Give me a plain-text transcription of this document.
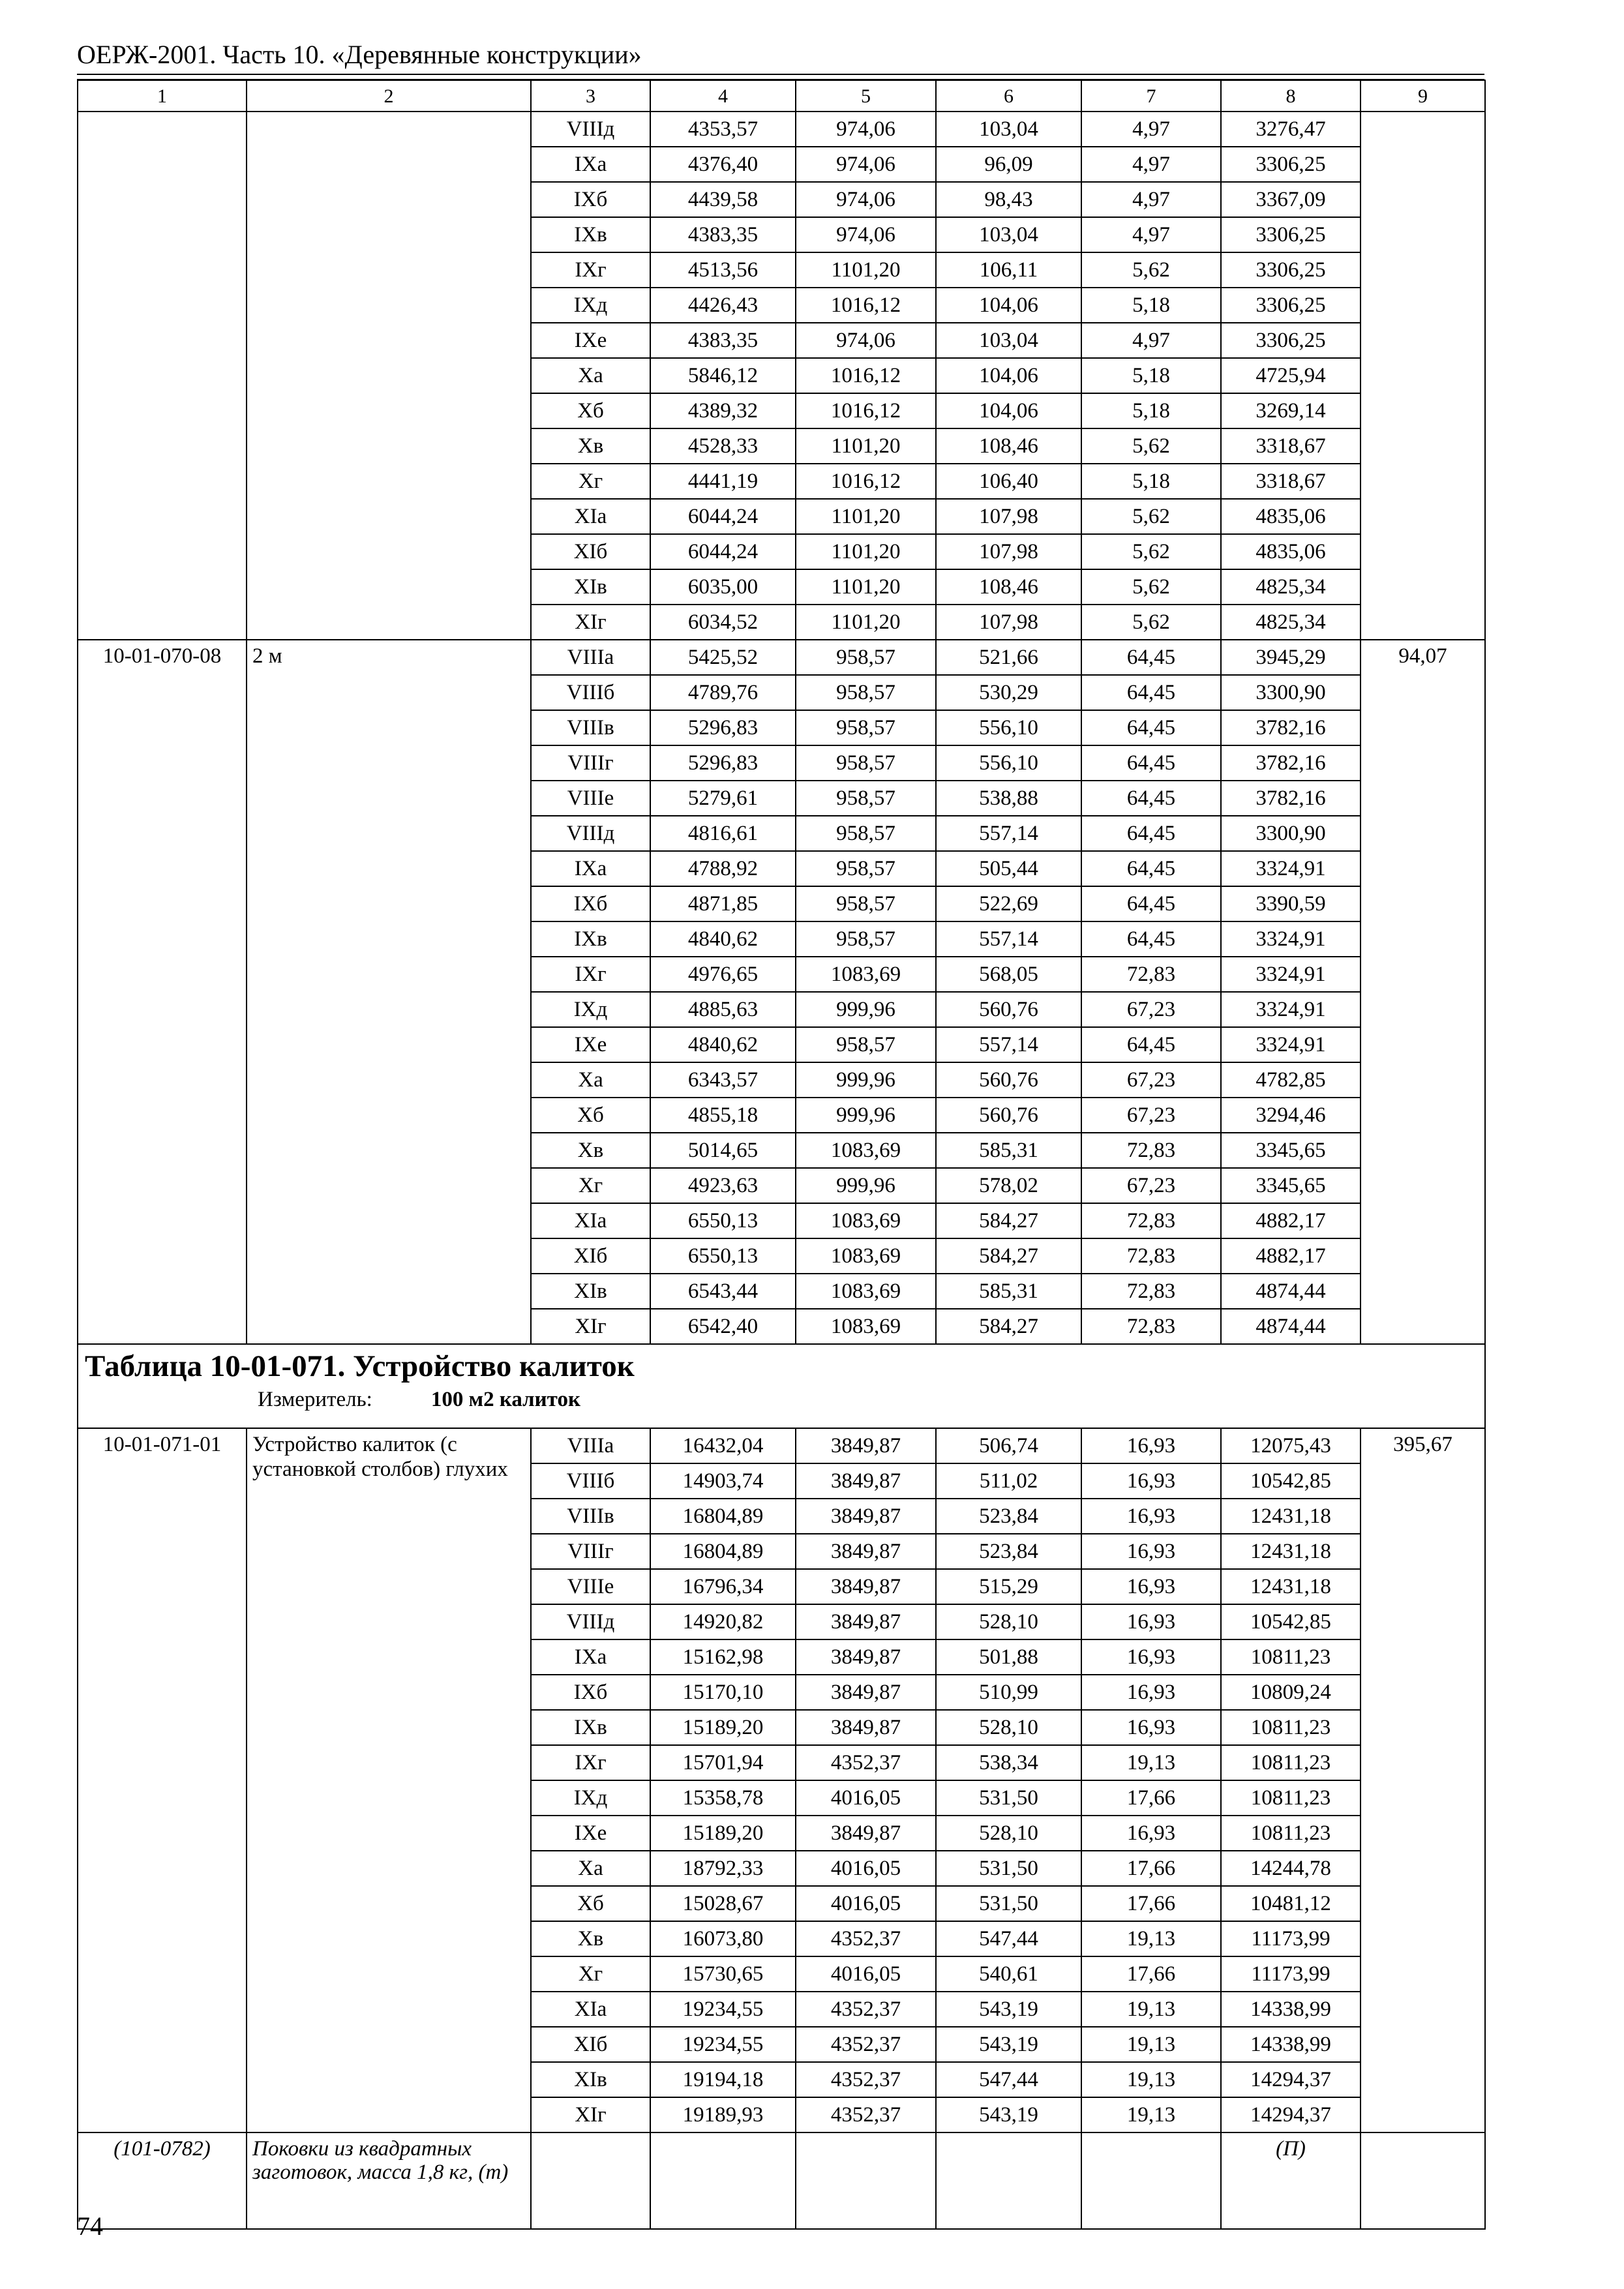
ОЕРЖ-2001. Часть 10. «Деревянные конструкции»
1	2	3	4	5	6	7	8	9
		VIIIд	4353,57	974,06	103,04	4,97	3276,47	
		IXa	4376,40	974,06	96,09	4,97	3306,25	
		IXб	4439,58	974,06	98,43	4,97	3367,09	
		IXв	4383,35	974,06	103,04	4,97	3306,25	
		IXг	4513,56	1101,20	106,11	5,62	3306,25	
		IXд	4426,43	1016,12	104,06	5,18	3306,25	
		IXе	4383,35	974,06	103,04	4,97	3306,25	
		Xa	5846,12	1016,12	104,06	5,18	4725,94	
		Xб	4389,32	1016,12	104,06	5,18	3269,14	
		Xв	4528,33	1101,20	108,46	5,62	3318,67	
		Xг	4441,19	1016,12	106,40	5,18	3318,67	
		XIa	6044,24	1101,20	107,98	5,62	4835,06	
		XIб	6044,24	1101,20	107,98	5,62	4835,06	
		XIв	6035,00	1101,20	108,46	5,62	4825,34	
		XIг	6034,52	1101,20	107,98	5,62	4825,34	
10-01-070-08	2 м	VIIIa	5425,52	958,57	521,66	64,45	3945,29	94,07
		VIIIб	4789,76	958,57	530,29	64,45	3300,90	
		VIIIв	5296,83	958,57	556,10	64,45	3782,16	
		VIIIг	5296,83	958,57	556,10	64,45	3782,16	
		VIIIе	5279,61	958,57	538,88	64,45	3782,16	
		VIIIд	4816,61	958,57	557,14	64,45	3300,90	
		IXa	4788,92	958,57	505,44	64,45	3324,91	
		IXб	4871,85	958,57	522,69	64,45	3390,59	
		IXв	4840,62	958,57	557,14	64,45	3324,91	
		IXг	4976,65	1083,69	568,05	72,83	3324,91	
		IXд	4885,63	999,96	560,76	67,23	3324,91	
		IXе	4840,62	958,57	557,14	64,45	3324,91	
		Xa	6343,57	999,96	560,76	67,23	4782,85	
		Xб	4855,18	999,96	560,76	67,23	3294,46	
		Xв	5014,65	1083,69	585,31	72,83	3345,65	
		Xг	4923,63	999,96	578,02	67,23	3345,65	
		XIa	6550,13	1083,69	584,27	72,83	4882,17	
		XIб	6550,13	1083,69	584,27	72,83	4882,17	
		XIв	6543,44	1083,69	585,31	72,83	4874,44	
		XIг	6542,40	1083,69	584,27	72,83	4874,44	

Таблица 10-01-071. Устройство калиток
Измеритель: 100 м2 калиток								

10-01-071-01	Устройство калиток (с установкой столбов) глухих	VIIIa	16432,04	3849,87	506,74	16,93	12075,43	395,67
		VIIIб	14903,74	3849,87	511,02	16,93	10542,85	
		VIIIв	16804,89	3849,87	523,84	16,93	12431,18	
		VIIIг	16804,89	3849,87	523,84	16,93	12431,18	
		VIIIе	16796,34	3849,87	515,29	16,93	12431,18	
		VIIIд	14920,82	3849,87	528,10	16,93	10542,85	
		IXa	15162,98	3849,87	501,88	16,93	10811,23	
		IXб	15170,10	3849,87	510,99	16,93	10809,24	
		IXв	15189,20	3849,87	528,10	16,93	10811,23	
		IXг	15701,94	4352,37	538,34	19,13	10811,23	
		IXд	15358,78	4016,05	531,50	17,66	10811,23	
		IXе	15189,20	3849,87	528,10	16,93	10811,23	
		Xa	18792,33	4016,05	531,50	17,66	14244,78	
		Xб	15028,67	4016,05	531,50	17,66	10481,12	
		Xв	16073,80	4352,37	547,44	19,13	11173,99	
		Xг	15730,65	4016,05	540,61	17,66	11173,99	
		XIa	19234,55	4352,37	543,19	19,13	14338,99	
		XIб	19234,55	4352,37	543,19	19,13	14338,99	
		XIв	19194,18	4352,37	547,44	19,13	14294,37	
		XIг	19189,93	4352,37	543,19	19,13	14294,37	
(101-0782)	Поковки из квадратных заготовок, масса 1,8 кг, (т)						(П)	
74
